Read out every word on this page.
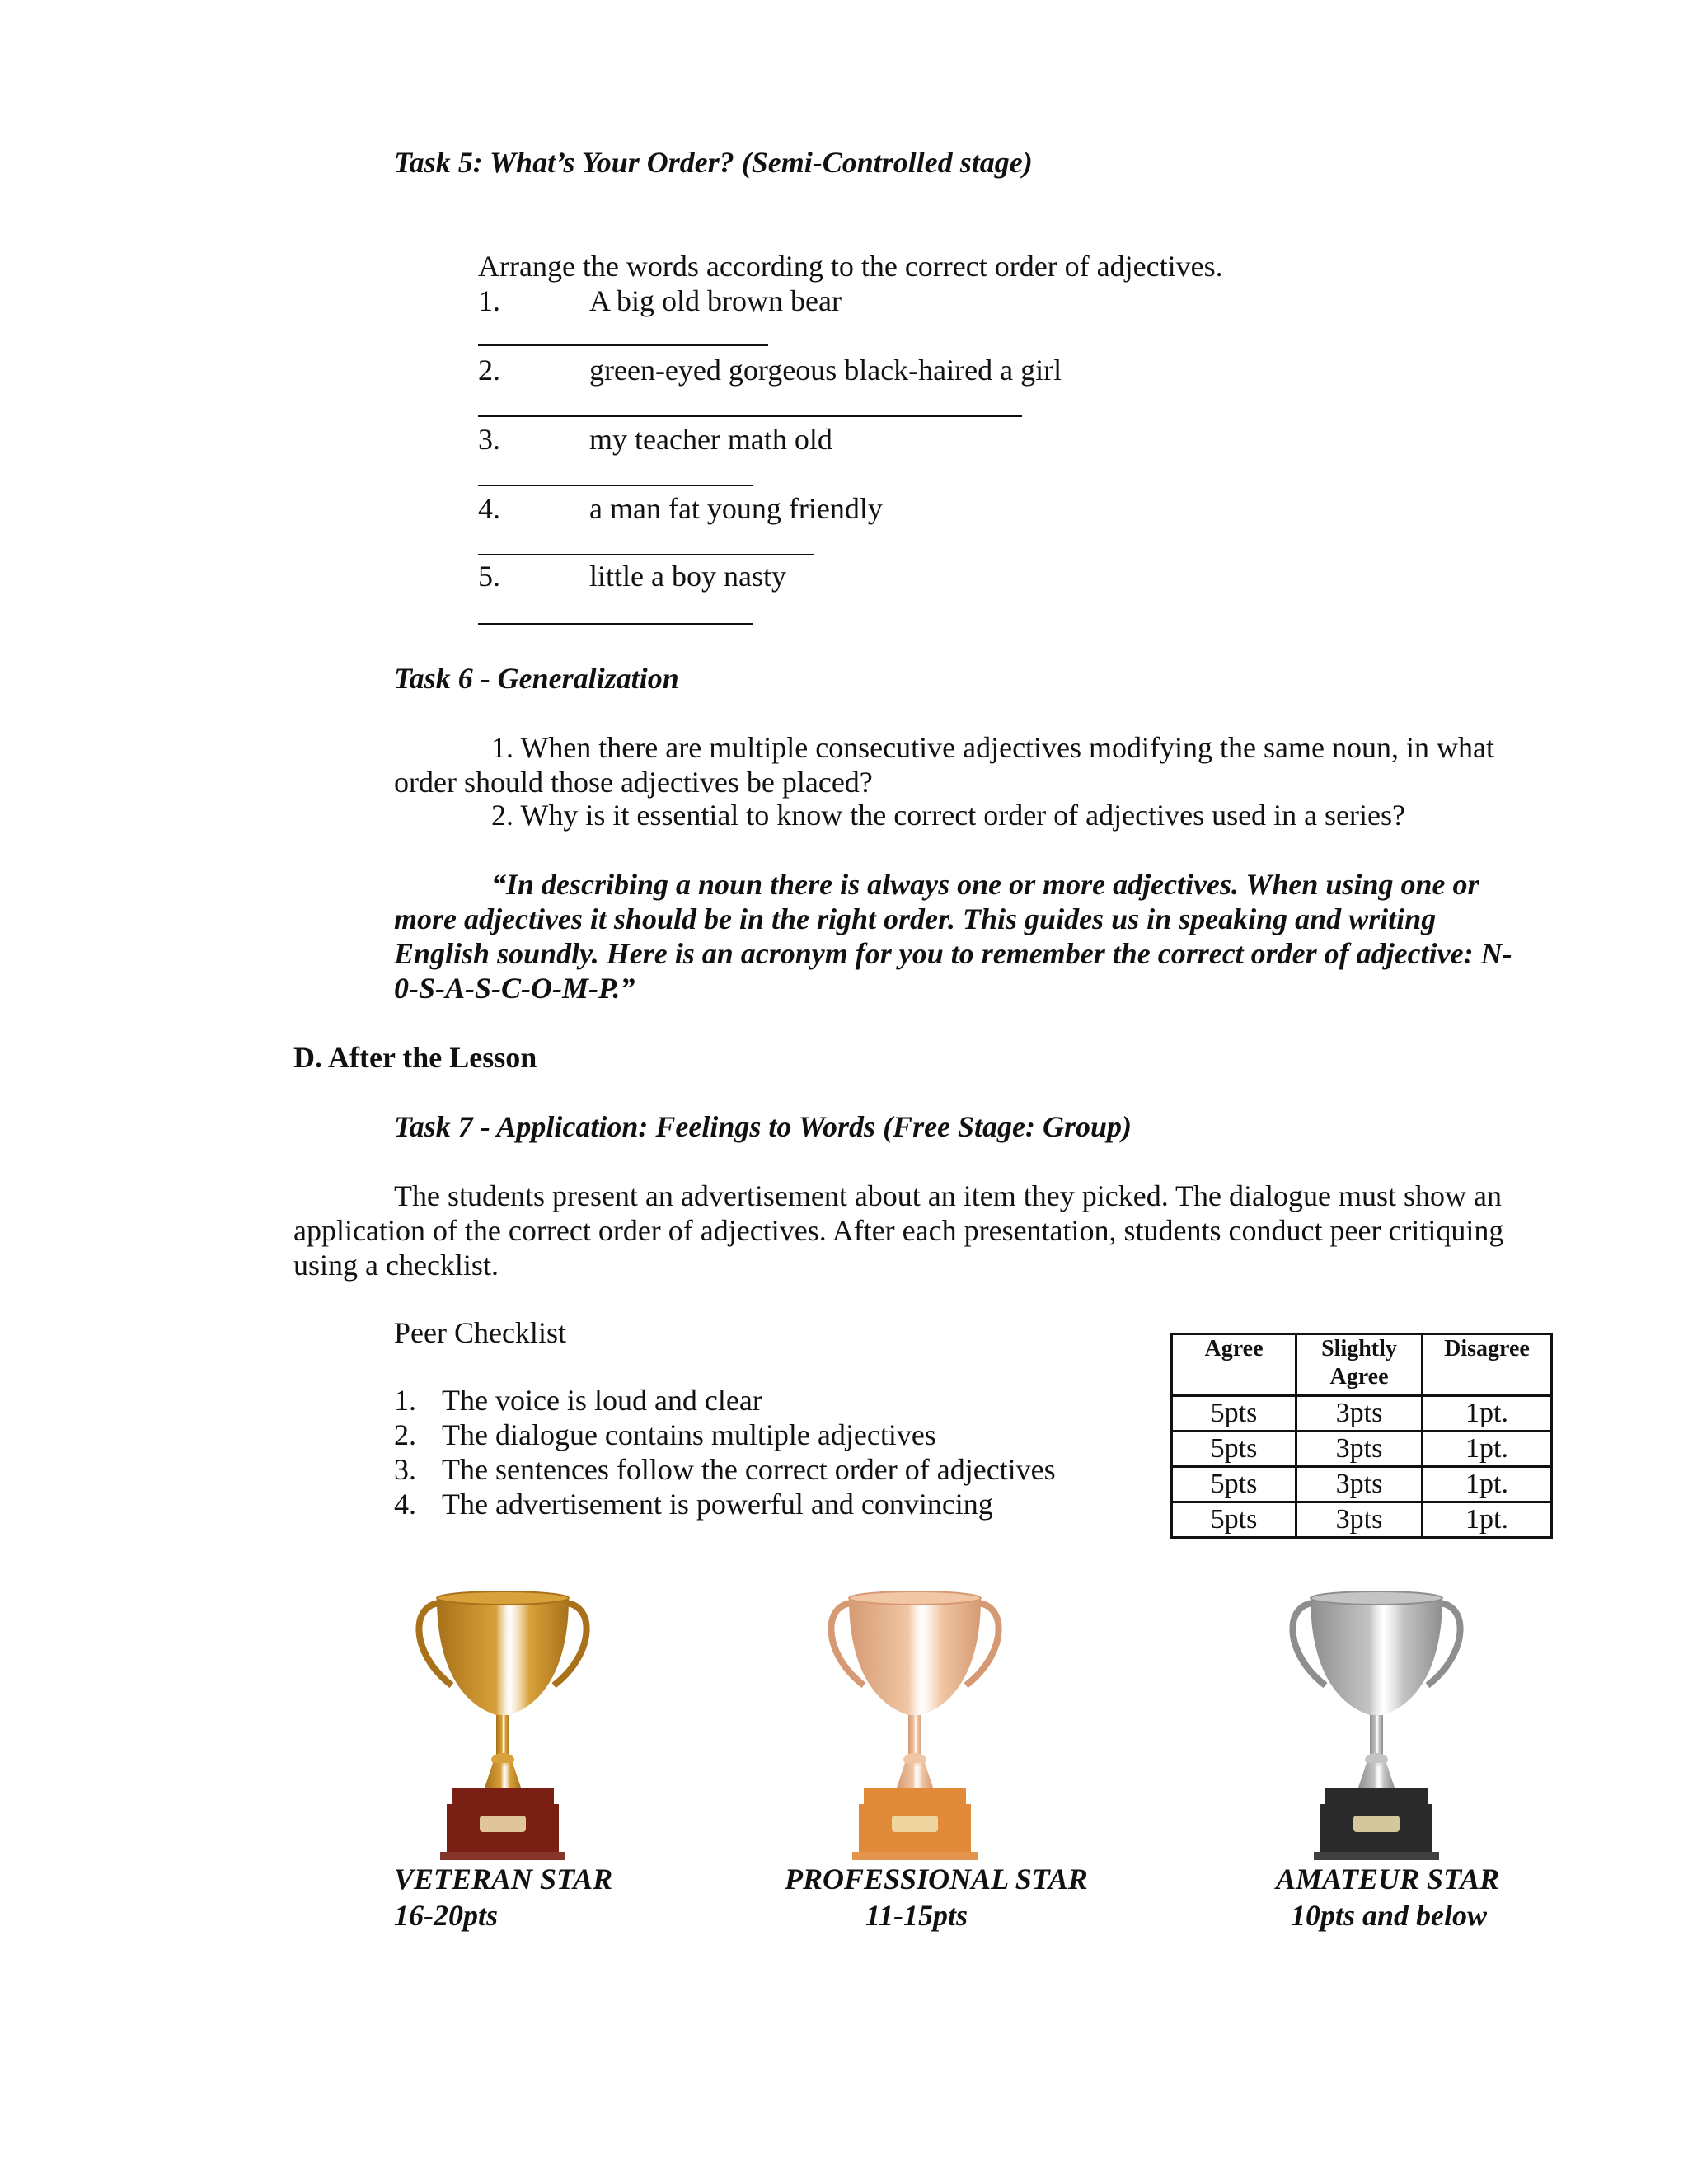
Task 5: What’s Your Order? (Semi-Controlled stage)
Arrange the words according to the correct order of adjectives.
1.	A big old brown bear
2.	green-eyed gorgeous black-haired a girl
3.	my teacher math old
4.	a man fat young friendly
5.	little a boy nasty
Task 6 - Generalization
1. When there are multiple consecutive adjectives modifying the same noun, in what
order should those adjectives be placed?
2. Why is it essential to know the correct order of adjectives used in a series?
“In describing a noun there is always one or more adjectives. When using one or
more adjectives it should be in the right order. This guides us in speaking and writing
English soundly. Here is an acronym for you to remember the correct order of adjective: N-
0-S-A-S-C-O-M-P.”
D. After the Lesson
Task 7 - Application: Feelings to Words (Free Stage: Group)
The students present an advertisement about an item they picked. The dialogue must show an
application of the correct order of adjectives. After each presentation, students conduct peer critiquing
using a checklist.
Peer Checklist
1. The voice is loud and clear
2. The dialogue contains multiple adjectives
3. The sentences follow the correct order of adjectives
4. The advertisement is powerful and convincing
Agree	Slightly Agree	Disagree
5pts	3pts	1pt.
5pts	3pts	1pt.
5pts	3pts	1pt.
5pts	3pts	1pt.
VETERAN STAR
16-20pts
PROFESSIONAL STAR
11-15pts
AMATEUR STAR
10pts and below
